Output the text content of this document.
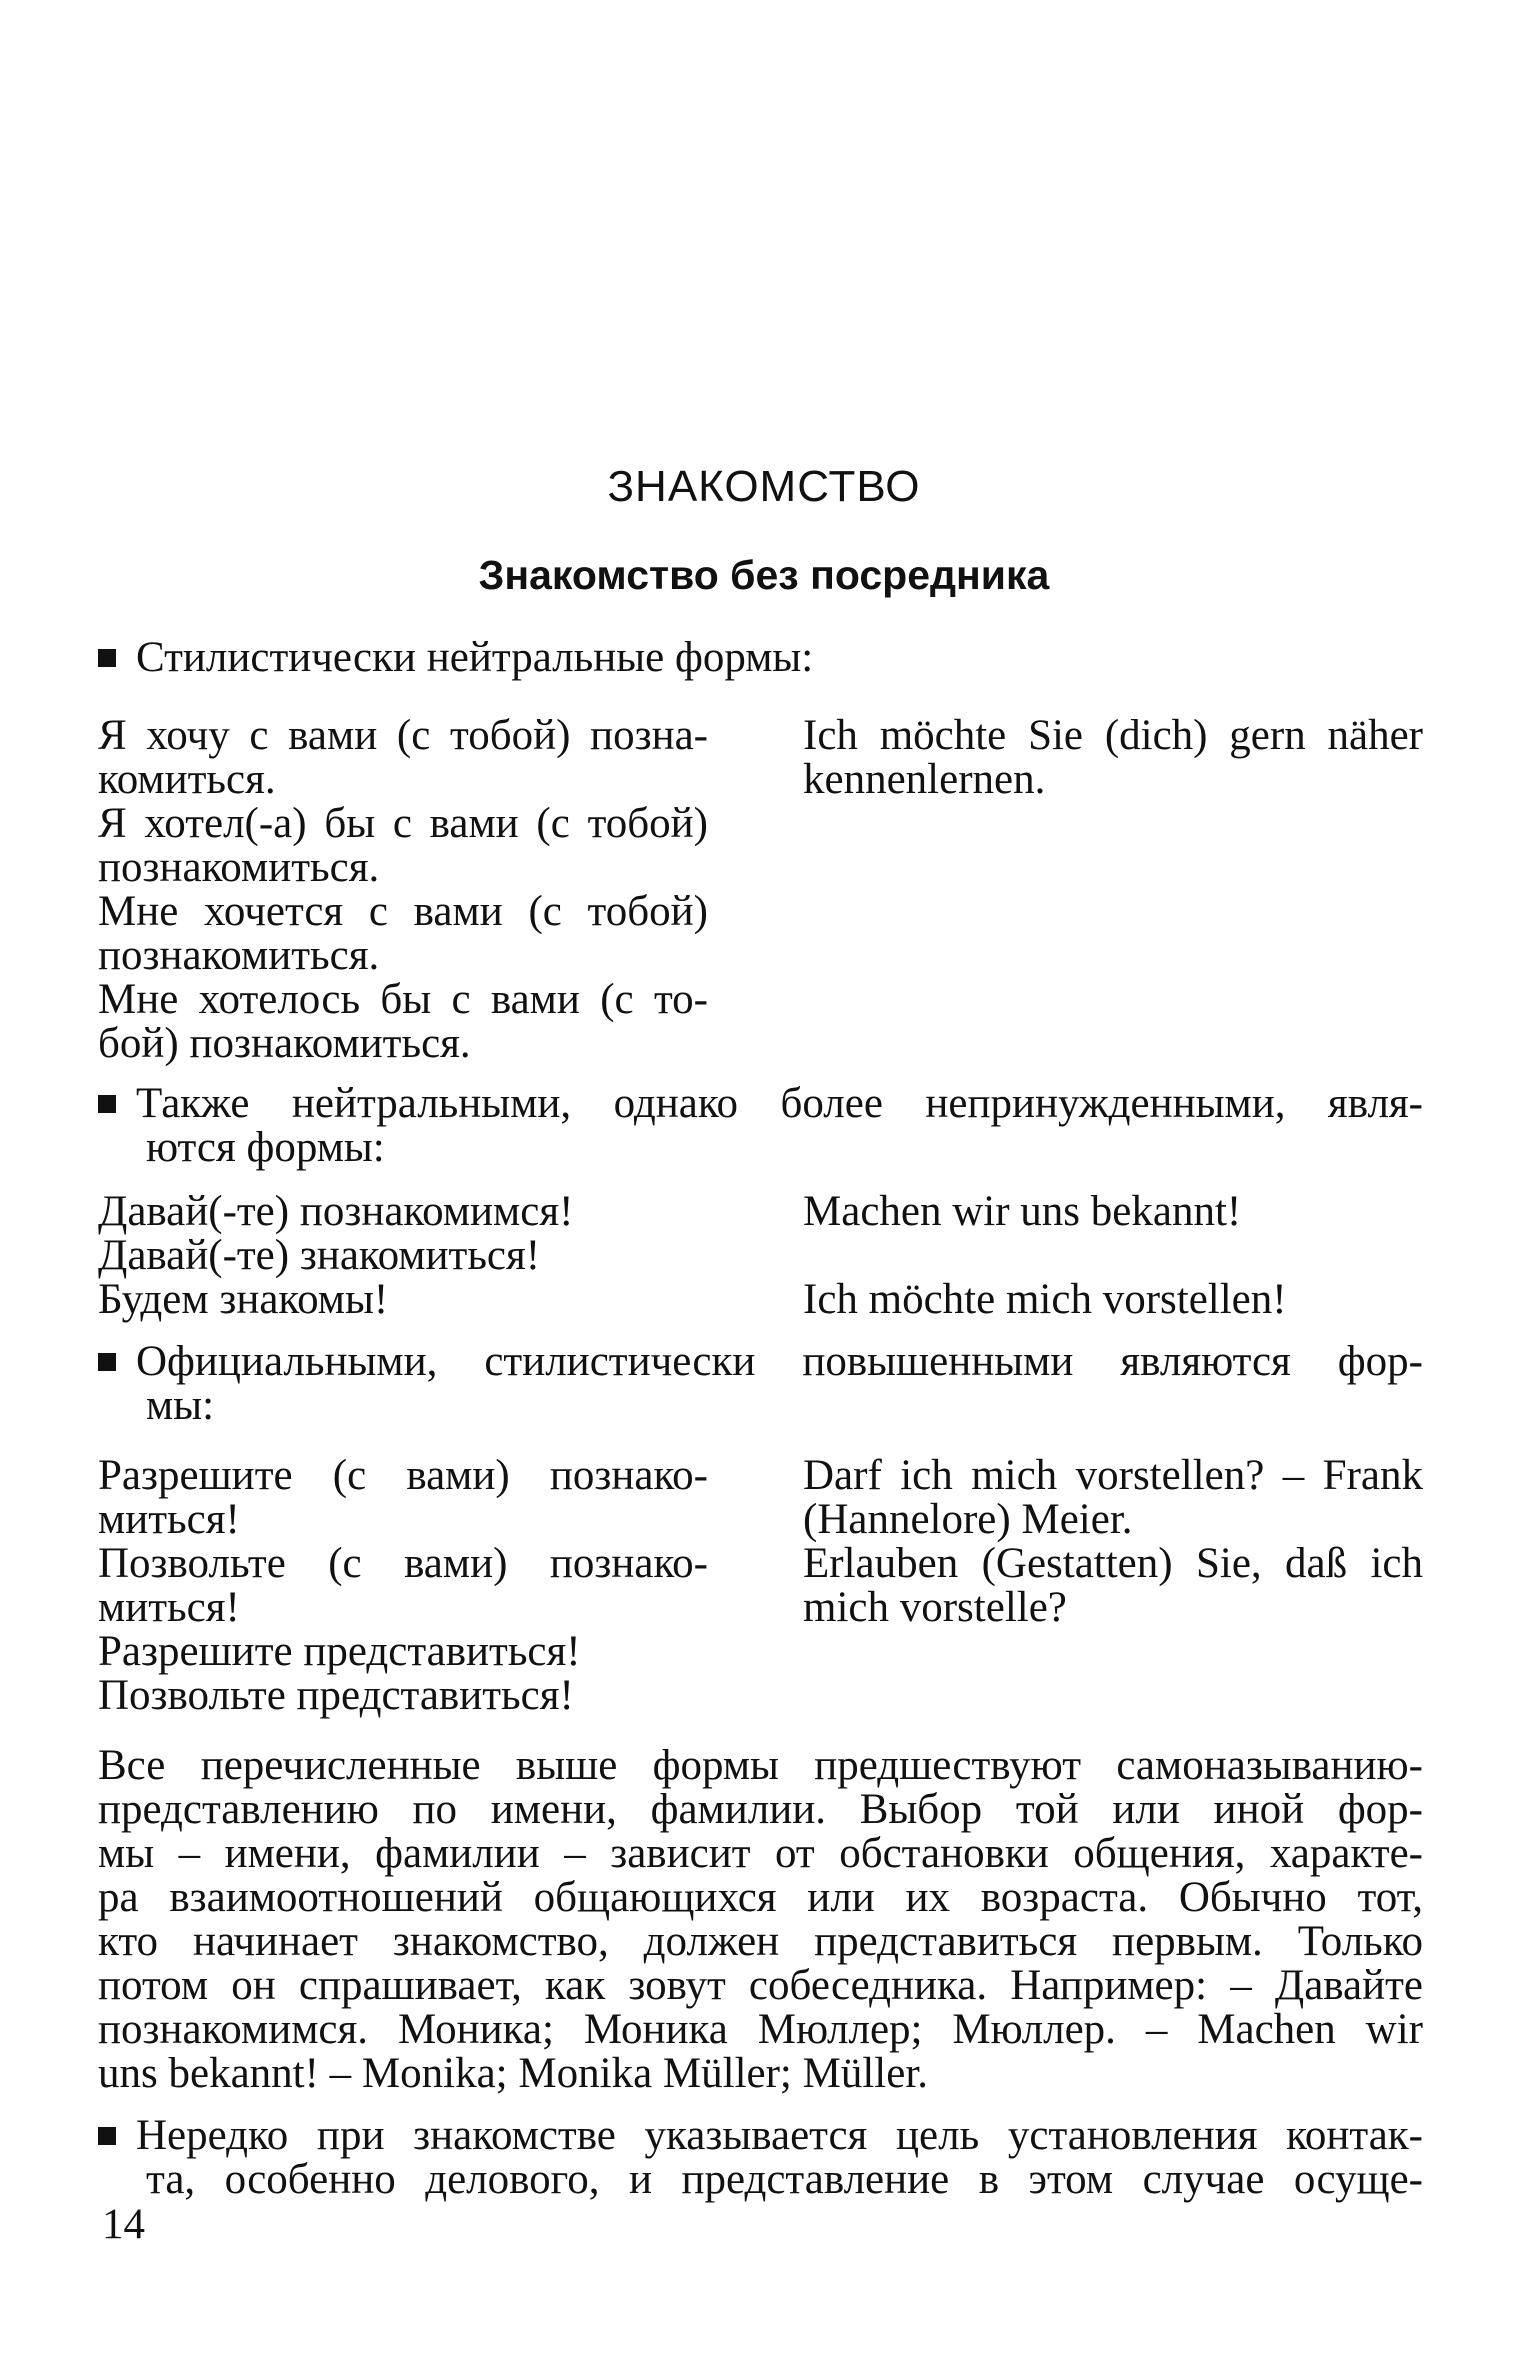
ЗНАКОМСТВО
Знакомство без посредника
Стилистически нейтральные формы:
Я хочу с вами (с тобой) позна-
комиться.
Я хотел(-а) бы с вами (с тобой)
познакомиться.
Мне хочется с вами (с тобой)
познакомиться.
Мне хотелось бы с вами (с то-
бой) познакомиться.
Ich möchte Sie (dich) gern näher
kennenlernen.
Также нейтральными, однако более непринужденными, явля-
ются формы:
Давай(-те) познакомимся!
Давай(-те) знакомиться!
Будем знакомы!
Machen wir uns bekannt!
Ich möchte mich vorstellen!
Официальными, стилистически повышенными являются фор-
мы:
Разрешите (с вами) познако-
миться!
Позвольте (с вами) познако-
миться!
Разрешите представиться!
Позвольте представиться!
Darf ich mich vorstellen? – Frank
(Hannelore) Meier.
Erlauben (Gestatten) Sie, daß ich
mich vorstelle?
Все перечисленные выше формы предшествуют самоназыванию-
представлению по имени, фамилии. Выбор той или иной фор-
мы – имени, фамилии – зависит от обстановки общения, характе-
ра взаимоотношений общающихся или их возраста. Обычно тот,
кто начинает знакомство, должен представиться первым. Только
потом он спрашивает, как зовут собеседника. Например: – Давайте
познакомимся. Моника; Моника Мюллер; Мюллер. – Machen wir
uns bekannt! – Monika; Monika Müller; Müller.
Нередко при знакомстве указывается цель установления контак-
та, особенно делового, и представление в этом случае осуще-
14
